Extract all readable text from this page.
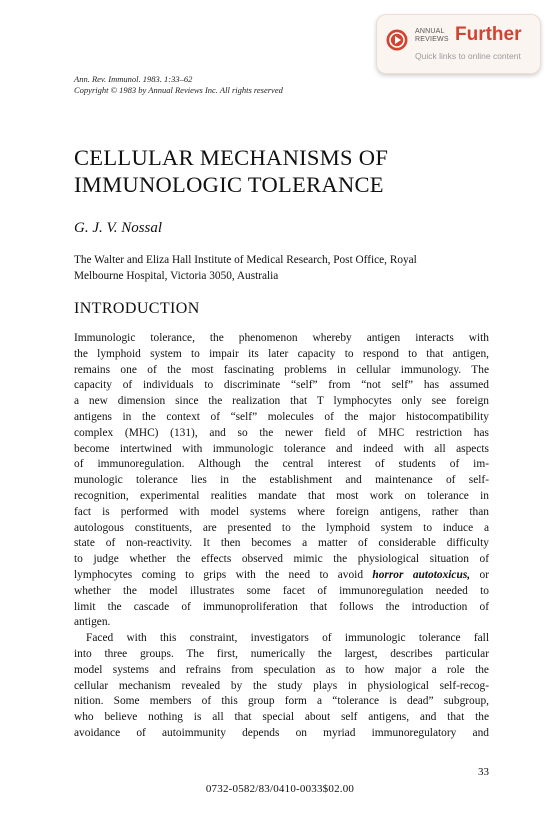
ANNUAL
REVIEWS Further
Quick links to online content
Ann. Rev. Immunol. 1983. 1:33–62
Copyright © 1983 by Annual Reviews Inc. All rights reserved
CELLULAR MECHANISMS OF
IMMUNOLOGIC TOLERANCE
G. J. V. Nossal
The Walter and Eliza Hall Institute of Medical Research, Post Office, Royal
Melbourne Hospital, Victoria 3050, Australia
INTRODUCTION
Immunologic tolerance, the phenomenon whereby antigen interacts with
the lymphoid system to impair its later capacity to respond to that antigen,
remains one of the most fascinating problems in cellular immunology. The
capacity of individuals to discriminate “self” from “not self” has assumed
a new dimension since the realization that T lymphocytes only see foreign
antigens in the context of “self” molecules of the major histocompatibility
complex (MHC) (131), and so the newer field of MHC restriction has
become intertwined with immunologic tolerance and indeed with all aspects
of immunoregulation. Although the central interest of students of im-
munologic tolerance lies in the establishment and maintenance of self-
recognition, experimental realities mandate that most work on tolerance in
fact is performed with model systems where foreign antigens, rather than
autologous constituents, are presented to the lymphoid system to induce a
state of non-reactivity. It then becomes a matter of considerable difficulty
to judge whether the effects observed mimic the physiological situation of
lymphocytes coming to grips with the need to avoid horror autotoxicus, or
whether the model illustrates some facet of immunoregulation needed to
limit the cascade of immunoproliferation that follows the introduction of
antigen.
Faced with this constraint, investigators of immunologic tolerance fall
into three groups. The first, numerically the largest, describes particular
model systems and refrains from speculation as to how major a role the
cellular mechanism revealed by the study plays in physiological self-recog-
nition. Some members of this group form a “tolerance is dead” subgroup,
who believe nothing is all that special about self antigens, and that the
avoidance of autoimmunity depends on myriad immunoregulatory and
33
0732-0582/83/0410-0033$02.00
